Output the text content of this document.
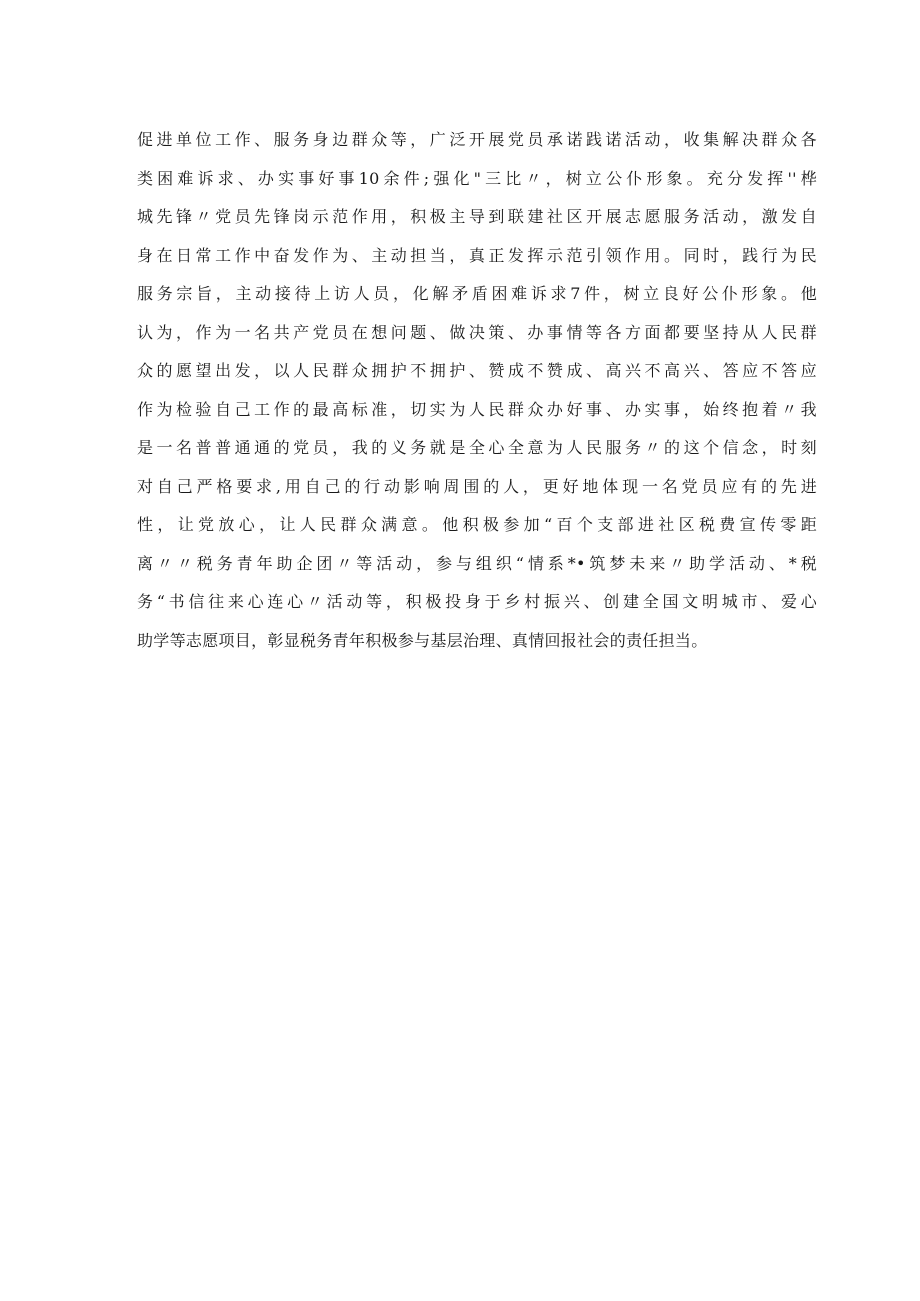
促进单位工作、服务身边群众等，广泛开展党员承诺践诺活动，收集解决群众各
类困难诉求、办实事好事10余件;强化"三比〃，树立公仆形象。充分发挥''桦
城先锋〃党员先锋岗示范作用，积极主导到联建社区开展志愿服务活动，激发自
身在日常工作中奋发作为、主动担当，真正发挥示范引领作用。同时，践行为民
服务宗旨，主动接待上访人员，化解矛盾困难诉求7件，树立良好公仆形象。他
认为，作为一名共产党员在想问题、做决策、办事情等各方面都要坚持从人民群
众的愿望出发，以人民群众拥护不拥护、赞成不赞成、高兴不高兴、答应不答应
作为检验自己工作的最高标准，切实为人民群众办好事、办实事，始终抱着〃我
是一名普普通通的党员，我的义务就是全心全意为人民服务〃的这个信念，时刻
对自己严格要求,用自己的行动影响周围的人，更好地体现一名党员应有的先进
性，让党放心，让人民群众满意。他积极参加“百个支部进社区税费宣传零距
离〃〃税务青年助企团〃等活动，参与组织“情系*•筑梦未来〃助学活动、*税
务“书信往来心连心〃活动等，积极投身于乡村振兴、创建全国文明城市、爱心
助学等志愿项目，彰显税务青年积极参与基层治理、真情回报社会的责任担当。
